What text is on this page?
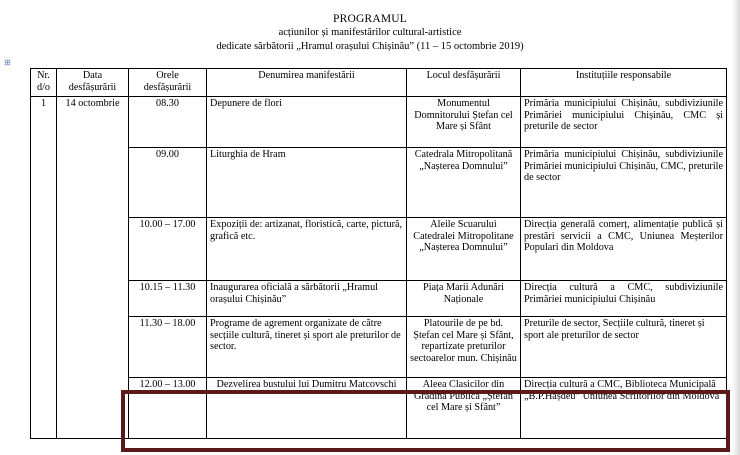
PROGRAMUL
acțiunilor și manifestărilor cultural-artistice
dedicate sărbătorii „Hramul orașului Chișinău” (11 – 15 octombrie 2019)
⊞
Nr. d/o	Data desfășurării	Orele desfășurării	Denumirea manifestării	Locul desfășurării	Instituțiile responsabile
1	14 octombrie	08.30	Depunere de flori	Monumentul Domnitorului Ștefan cel Mare și Sfânt	Primăria municipiului Chișinău, subdiviziunile Primăriei municipiului Chișinău, CMC și preturile de sector
		09.00	Liturghia de Hram	Catedrala Mitropolitană „Nașterea Domnului”	Primăria municipiului Chișinău, subdiviziunile Primăriei municipiului Chișinău, CMC, preturile de sector
		10.00 – 17.00	Expoziții de: artizanat, floristică, carte, pictură, grafică etc.	Aleile Scuarului Catedralei Mitropolitane „Nașterea Domnului”	Direcția generală comerț, alimentație publică și prestări servicii a CMC, Uniunea Meșterilor Populari din Moldova
		10.15 – 11.30	Inaugurarea oficială a sărbătorii „Hramul orașului Chișinău”	Piața Marii Adunări Naționale	Direcția cultură a CMC, subdiviziunile Primăriei municipiului Chișinău
		11.30 – 18.00	Programe de agrement organizate de către secțiile cultură, tineret și sport ale preturilor de sector.	Platourile de pe bd. Ștefan cel Mare și Sfânt, repartizate preturilor sectoarelor mun. Chișinău	Preturile de sector, Secțiile cultură, tineret și sport ale preturilor de sector
		12.00 – 13.00	Dezvelirea bustului lui Dumitru Matcovschi	Aleea Clasicilor din Grădina Publică „Ștefan cel Mare și Sfânt”	Direcția cultură a CMC, Biblioteca Municipală „B.P.Hașdeu” Uniunea Scriitorilor din Moldova
